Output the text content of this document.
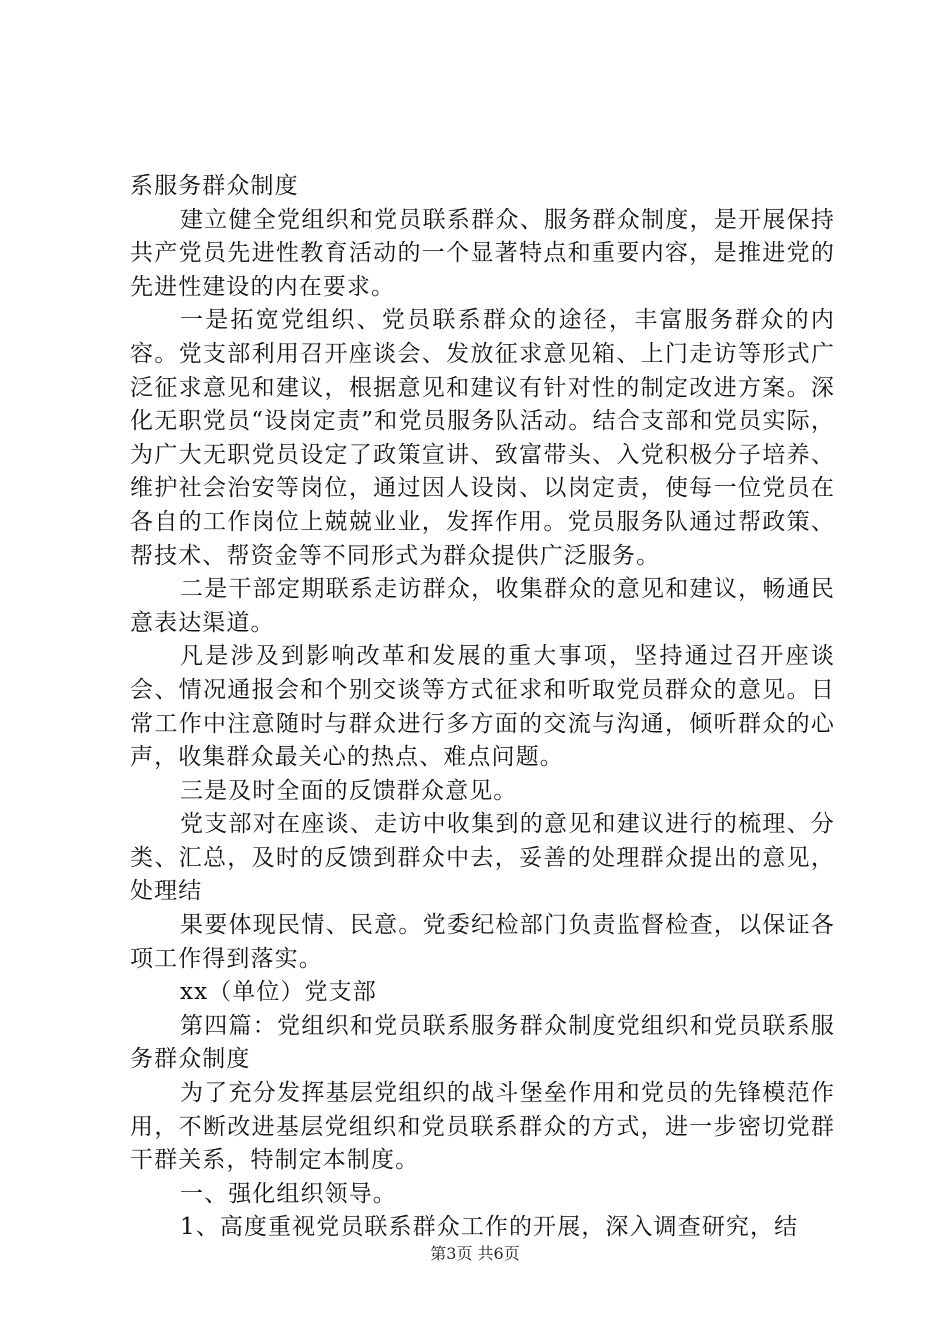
系服务群众制度

建立健全党组织和党员联系群众、服务群众制度，是开展保持共产党员先进性教育活动的一个显著特点和重要内容，是推进党的先进性建设的内在要求。

一是拓宽党组织、党员联系群众的途径，丰富服务群众的内容。党支部利用召开座谈会、发放征求意见箱、上门走访等形式广泛征求意见和建议，根据意见和建议有针对性的制定改进方案。深化无职党员“设岗定责”和党员服务队活动。结合支部和党员实际，为广大无职党员设定了政策宣讲、致富带头、入党积极分子培养、维护社会治安等岗位，通过因人设岗、以岗定责，使每一位党员在各自的工作岗位上兢兢业业，发挥作用。党员服务队通过帮政策、帮技术、帮资金等不同形式为群众提供广泛服务。

二是干部定期联系走访群众，收集群众的意见和建议，畅通民意表达渠道。

凡是涉及到影响改革和发展的重大事项，坚持通过召开座谈会、情况通报会和个别交谈等方式征求和听取党员群众的意见。日常工作中注意随时与群众进行多方面的交流与沟通，倾听群众的心声，收集群众最关心的热点、难点问题。

三是及时全面的反馈群众意见。

党支部对在座谈、走访中收集到的意见和建议进行的梳理、分类、汇总，及时的反馈到群众中去，妥善的处理群众提出的意见，处理结

果要体现民情、民意。党委纪检部门负责监督检查，以保证各项工作得到落实。

xx（单位）党支部

第四篇：党组织和党员联系服务群众制度党组织和党员联系服务群众制度

为了充分发挥基层党组织的战斗堡垒作用和党员的先锋模范作用，不断改进基层党组织和党员联系群众的方式，进一步密切党群干群关系，特制定本制度。

一、强化组织领导。

1、高度重视党员联系群众工作的开展，深入调查研究，结

第3页 共6页
